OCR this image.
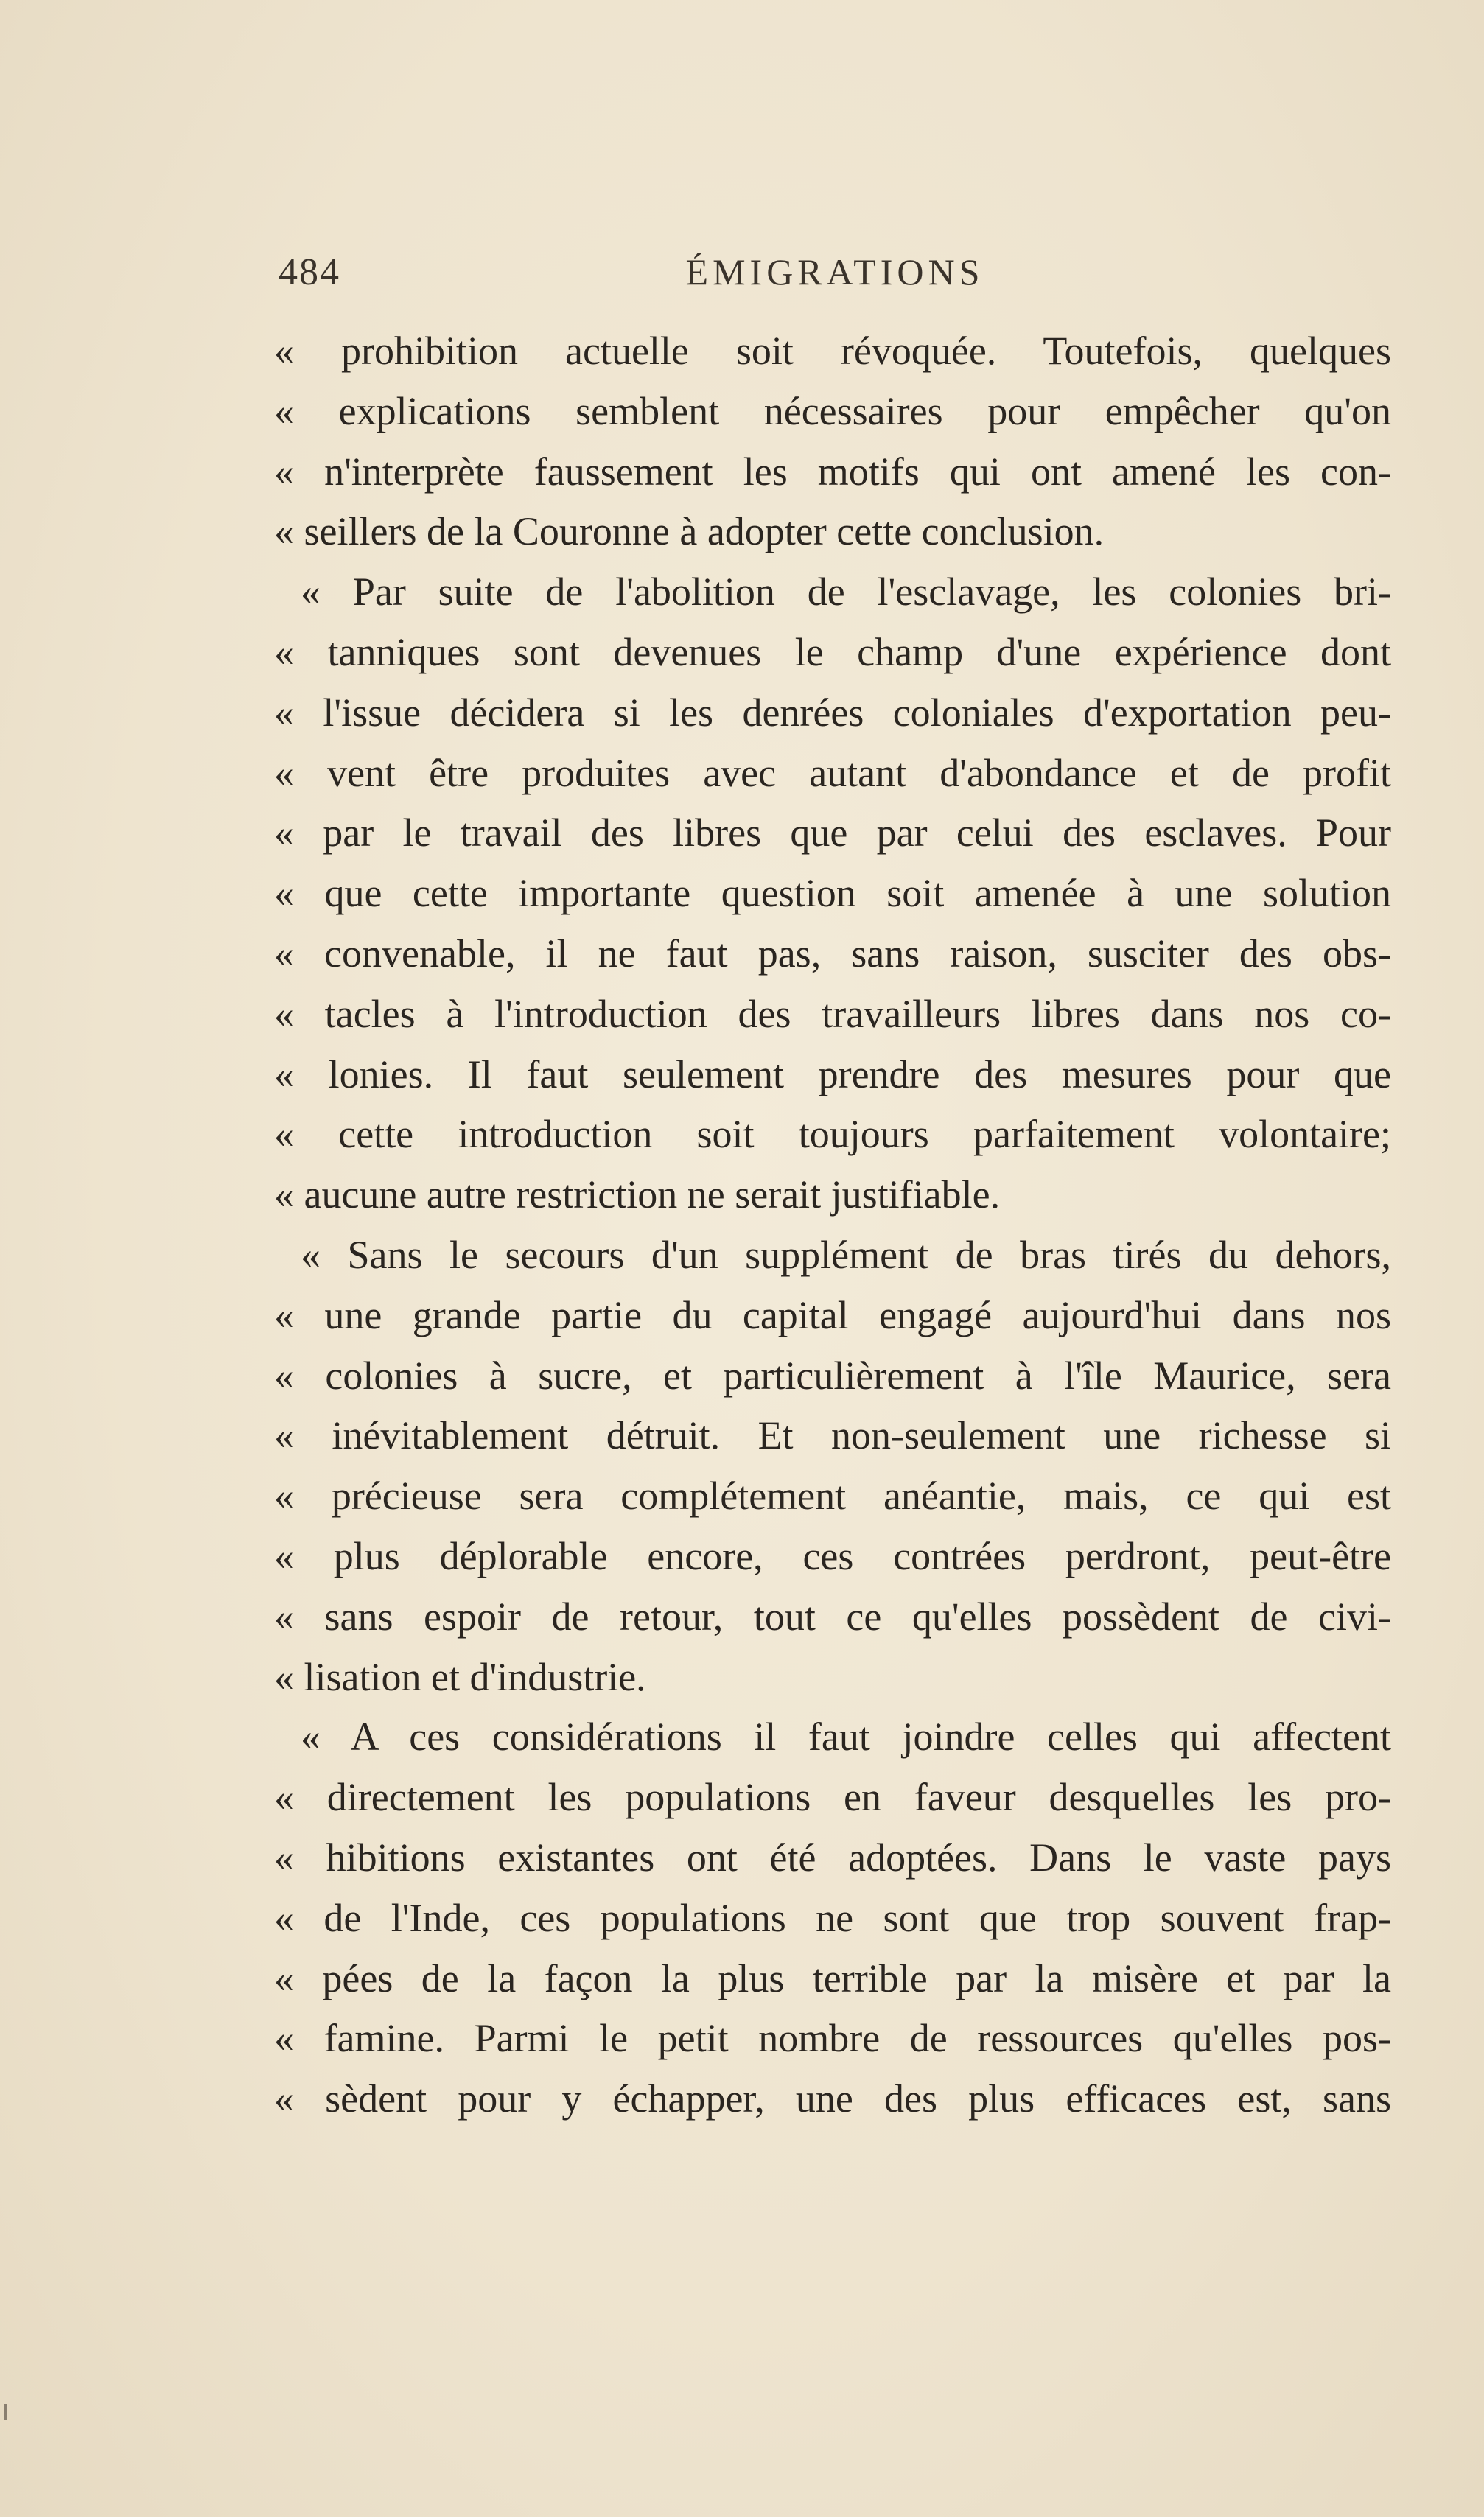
484	ÉMIGRATIONS
« prohibition actuelle soit révoquée. Toutefois, quelques
« explications semblent nécessaires pour empêcher qu'on
« n'interprète faussement les motifs qui ont amené les con-
« seillers de la Couronne à adopter cette conclusion.
« Par suite de l'abolition de l'esclavage, les colonies bri-
« tanniques sont devenues le champ d'une expérience dont
« l'issue décidera si les denrées coloniales d'exportation peu-
« vent être produites avec autant d'abondance et de profit
« par le travail des libres que par celui des esclaves. Pour
« que cette importante question soit amenée à une solution
« convenable, il ne faut pas, sans raison, susciter des obs-
« tacles à l'introduction des travailleurs libres dans nos co-
« lonies. Il faut seulement prendre des mesures pour que
« cette introduction soit toujours parfaitement volontaire;
« aucune autre restriction ne serait justifiable.
« Sans le secours d'un supplément de bras tirés du dehors,
« une grande partie du capital engagé aujourd'hui dans nos
« colonies à sucre, et particulièrement à l'île Maurice, sera
« inévitablement détruit. Et non-seulement une richesse si
« précieuse sera complétement anéantie, mais, ce qui est
« plus déplorable encore, ces contrées perdront, peut-être
« sans espoir de retour, tout ce qu'elles possèdent de civi-
« lisation et d'industrie.
« A ces considérations il faut joindre celles qui affectent
« directement les populations en faveur desquelles les pro-
« hibitions existantes ont été adoptées. Dans le vaste pays
« de l'Inde, ces populations ne sont que trop souvent frap-
« pées de la façon la plus terrible par la misère et par la
« famine. Parmi le petit nombre de ressources qu'elles pos-
« sèdent pour y échapper, une des plus efficaces est, sans
